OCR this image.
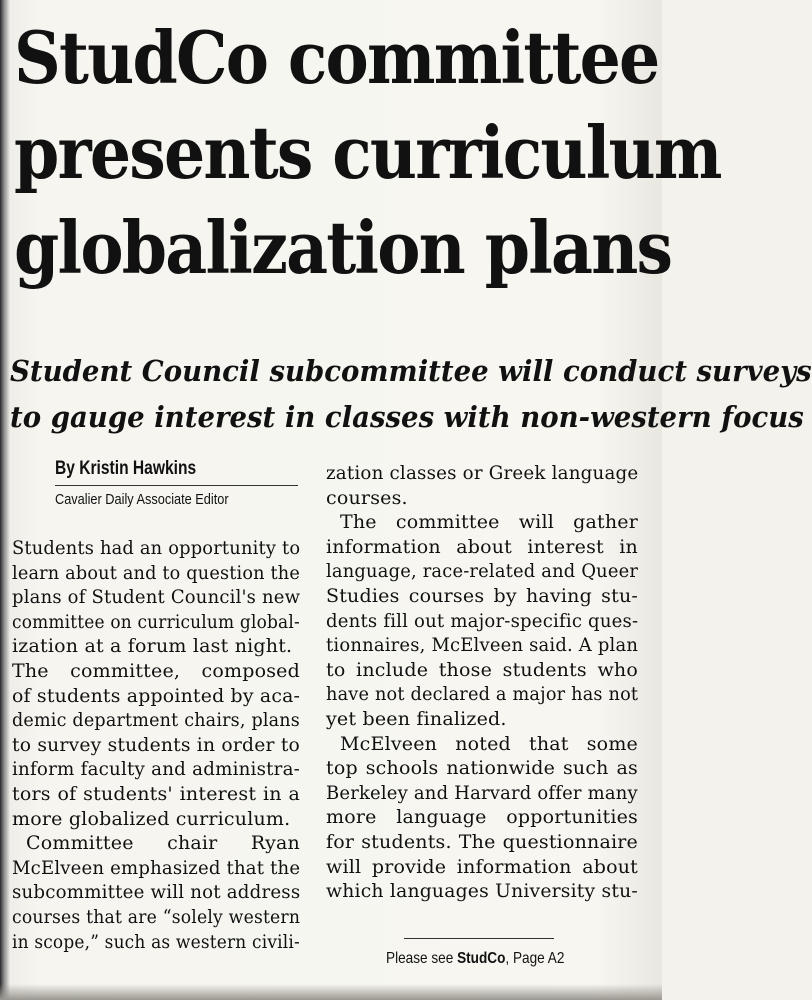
StudCo committee
presents curriculum
globalization plans
Student Council subcommittee will conduct surveys
to gauge interest in classes with non-western focus
By Kristin Hawkins
Cavalier Daily Associate Editor
Students had an opportunity to
learn about and to question the
plans of Student Council's new
committee on curriculum global-
ization at a forum last night.
The committee, composed
of students appointed by aca-
demic department chairs, plans
to survey students in order to
inform faculty and administra-
tors of students' interest in a
more globalized curriculum.
Committee chair Ryan
McElveen emphasized that the
subcommittee will not address
courses that are “solely western
in scope,” such as western civili-
zation classes or Greek language
courses.
The committee will gather
information about interest in
language, race-related and Queer
Studies courses by having stu-
dents fill out major-specific ques-
tionnaires, McElveen said. A plan
to include those students who
have not declared a major has not
yet been finalized.
McElveen noted that some
top schools nationwide such as
Berkeley and Harvard offer many
more language opportunities
for students. The questionnaire
will provide information about
which languages University stu-
Please see StudCo, Page A2
